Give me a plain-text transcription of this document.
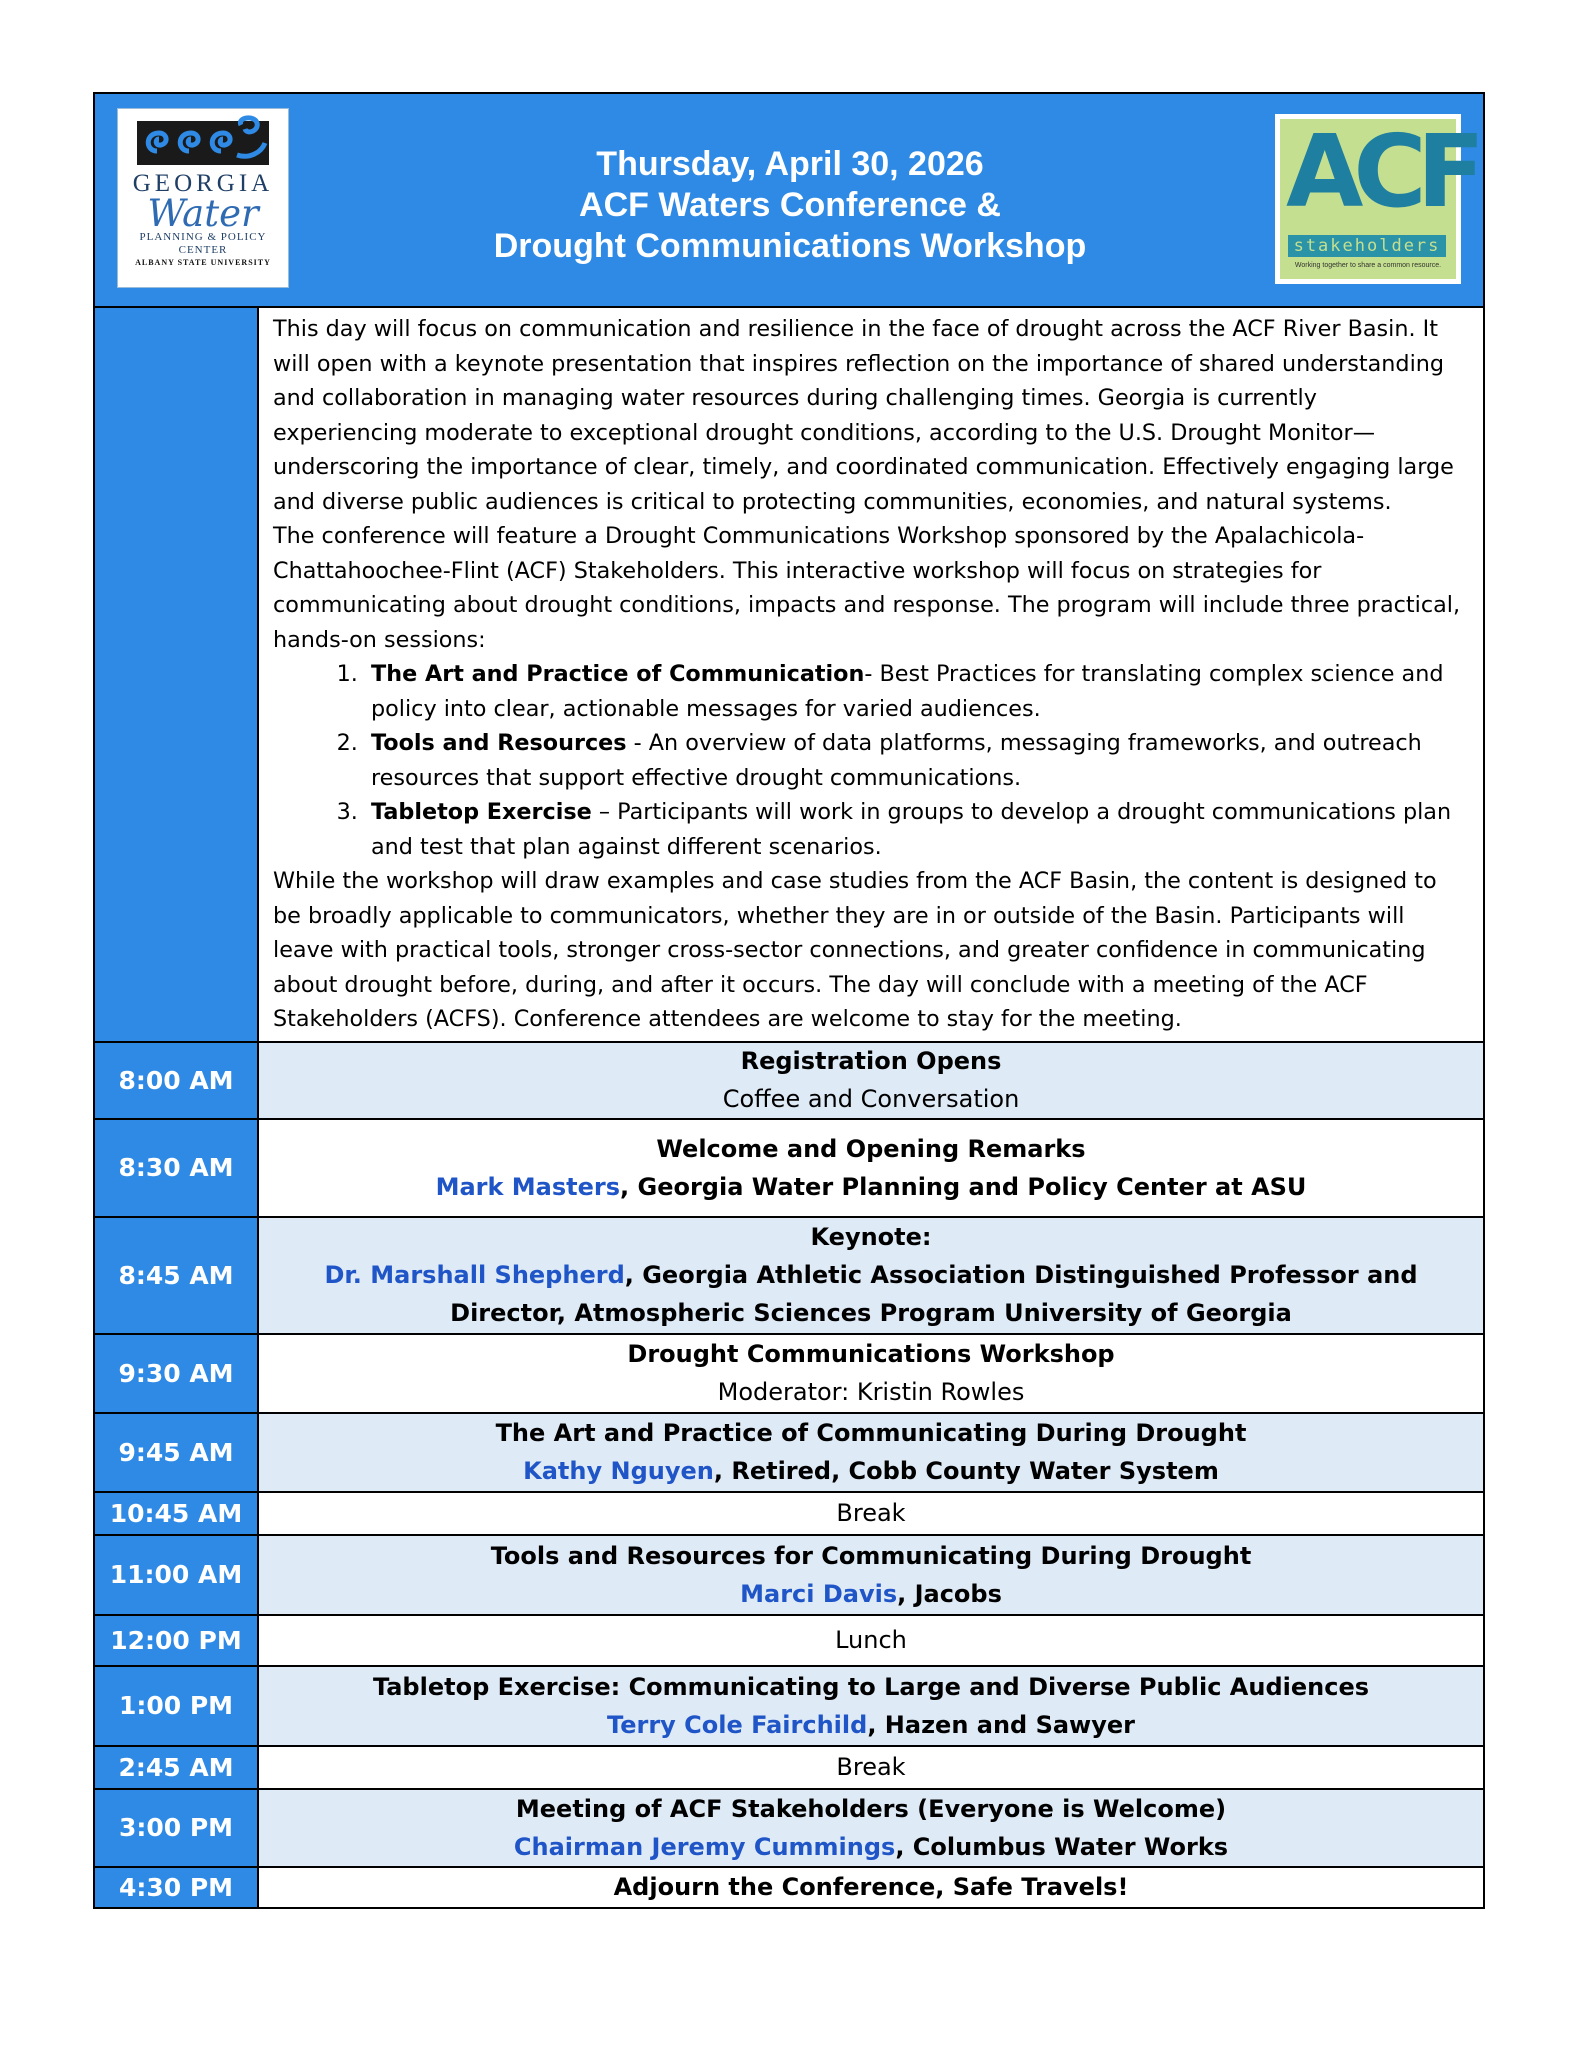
GEORGIA
Water
PLANNING & POLICY
CENTER
ALBANY STATE UNIVERSITY
Thursday, April 30, 2026
ACF Waters Conference &
Drought Communications Workshop
ACF
stakeholders
Working together to share a common resource.

This day will focus on communication and resilience in the face of drought across the ACF River Basin. It will open with a keynote presentation that inspires reflection on the importance of shared understanding and collaboration in managing water resources during challenging times. Georgia is currently experiencing moderate to exceptional drought conditions, according to the U.S. Drought Monitor—underscoring the importance of clear, timely, and coordinated communication. Effectively engaging large and diverse public audiences is critical to protecting communities, economies, and natural systems.

The conference will feature a Drought Communications Workshop sponsored by the Apalachicola-Chattahoochee-Flint (ACF) Stakeholders. This interactive workshop will focus on strategies for communicating about drought conditions, impacts and response. The program will include three practical, hands-on sessions:

1. The Art and Practice of Communication- Best Practices for translating complex science and policy into clear, actionable messages for varied audiences.
2. Tools and Resources - An overview of data platforms, messaging frameworks, and outreach resources that support effective drought communications.
3. Tabletop Exercise – Participants will work in groups to develop a drought communications plan and test that plan against different scenarios.

While the workshop will draw examples and case studies from the ACF Basin, the content is designed to be broadly applicable to communicators, whether they are in or outside of the Basin. Participants will leave with practical tools, stronger cross-sector connections, and greater confidence in communicating about drought before, during, and after it occurs. The day will conclude with a meeting of the ACF Stakeholders (ACFS). Conference attendees are welcome to stay for the meeting.

8:00 AM
Registration Opens
Coffee and Conversation
8:30 AM
Welcome and Opening Remarks
Mark Masters, Georgia Water Planning and Policy Center at ASU
8:45 AM
Keynote:
Dr. Marshall Shepherd, Georgia Athletic Association Distinguished Professor and
Director, Atmospheric Sciences Program University of Georgia
9:30 AM
Drought Communications Workshop
Moderator: Kristin Rowles
9:45 AM
The Art and Practice of Communicating During Drought
Kathy Nguyen, Retired, Cobb County Water System
10:45 AM	Break
11:00 AM
Tools and Resources for Communicating During Drought
Marci Davis, Jacobs
12:00 PM	Lunch
1:00 PM
Tabletop Exercise: Communicating to Large and Diverse Public Audiences
Terry Cole Fairchild, Hazen and Sawyer
2:45 AM	Break
3:00 PM
Meeting of ACF Stakeholders (Everyone is Welcome)
Chairman Jeremy Cummings, Columbus Water Works
4:30 PM	Adjourn the Conference, Safe Travels!
